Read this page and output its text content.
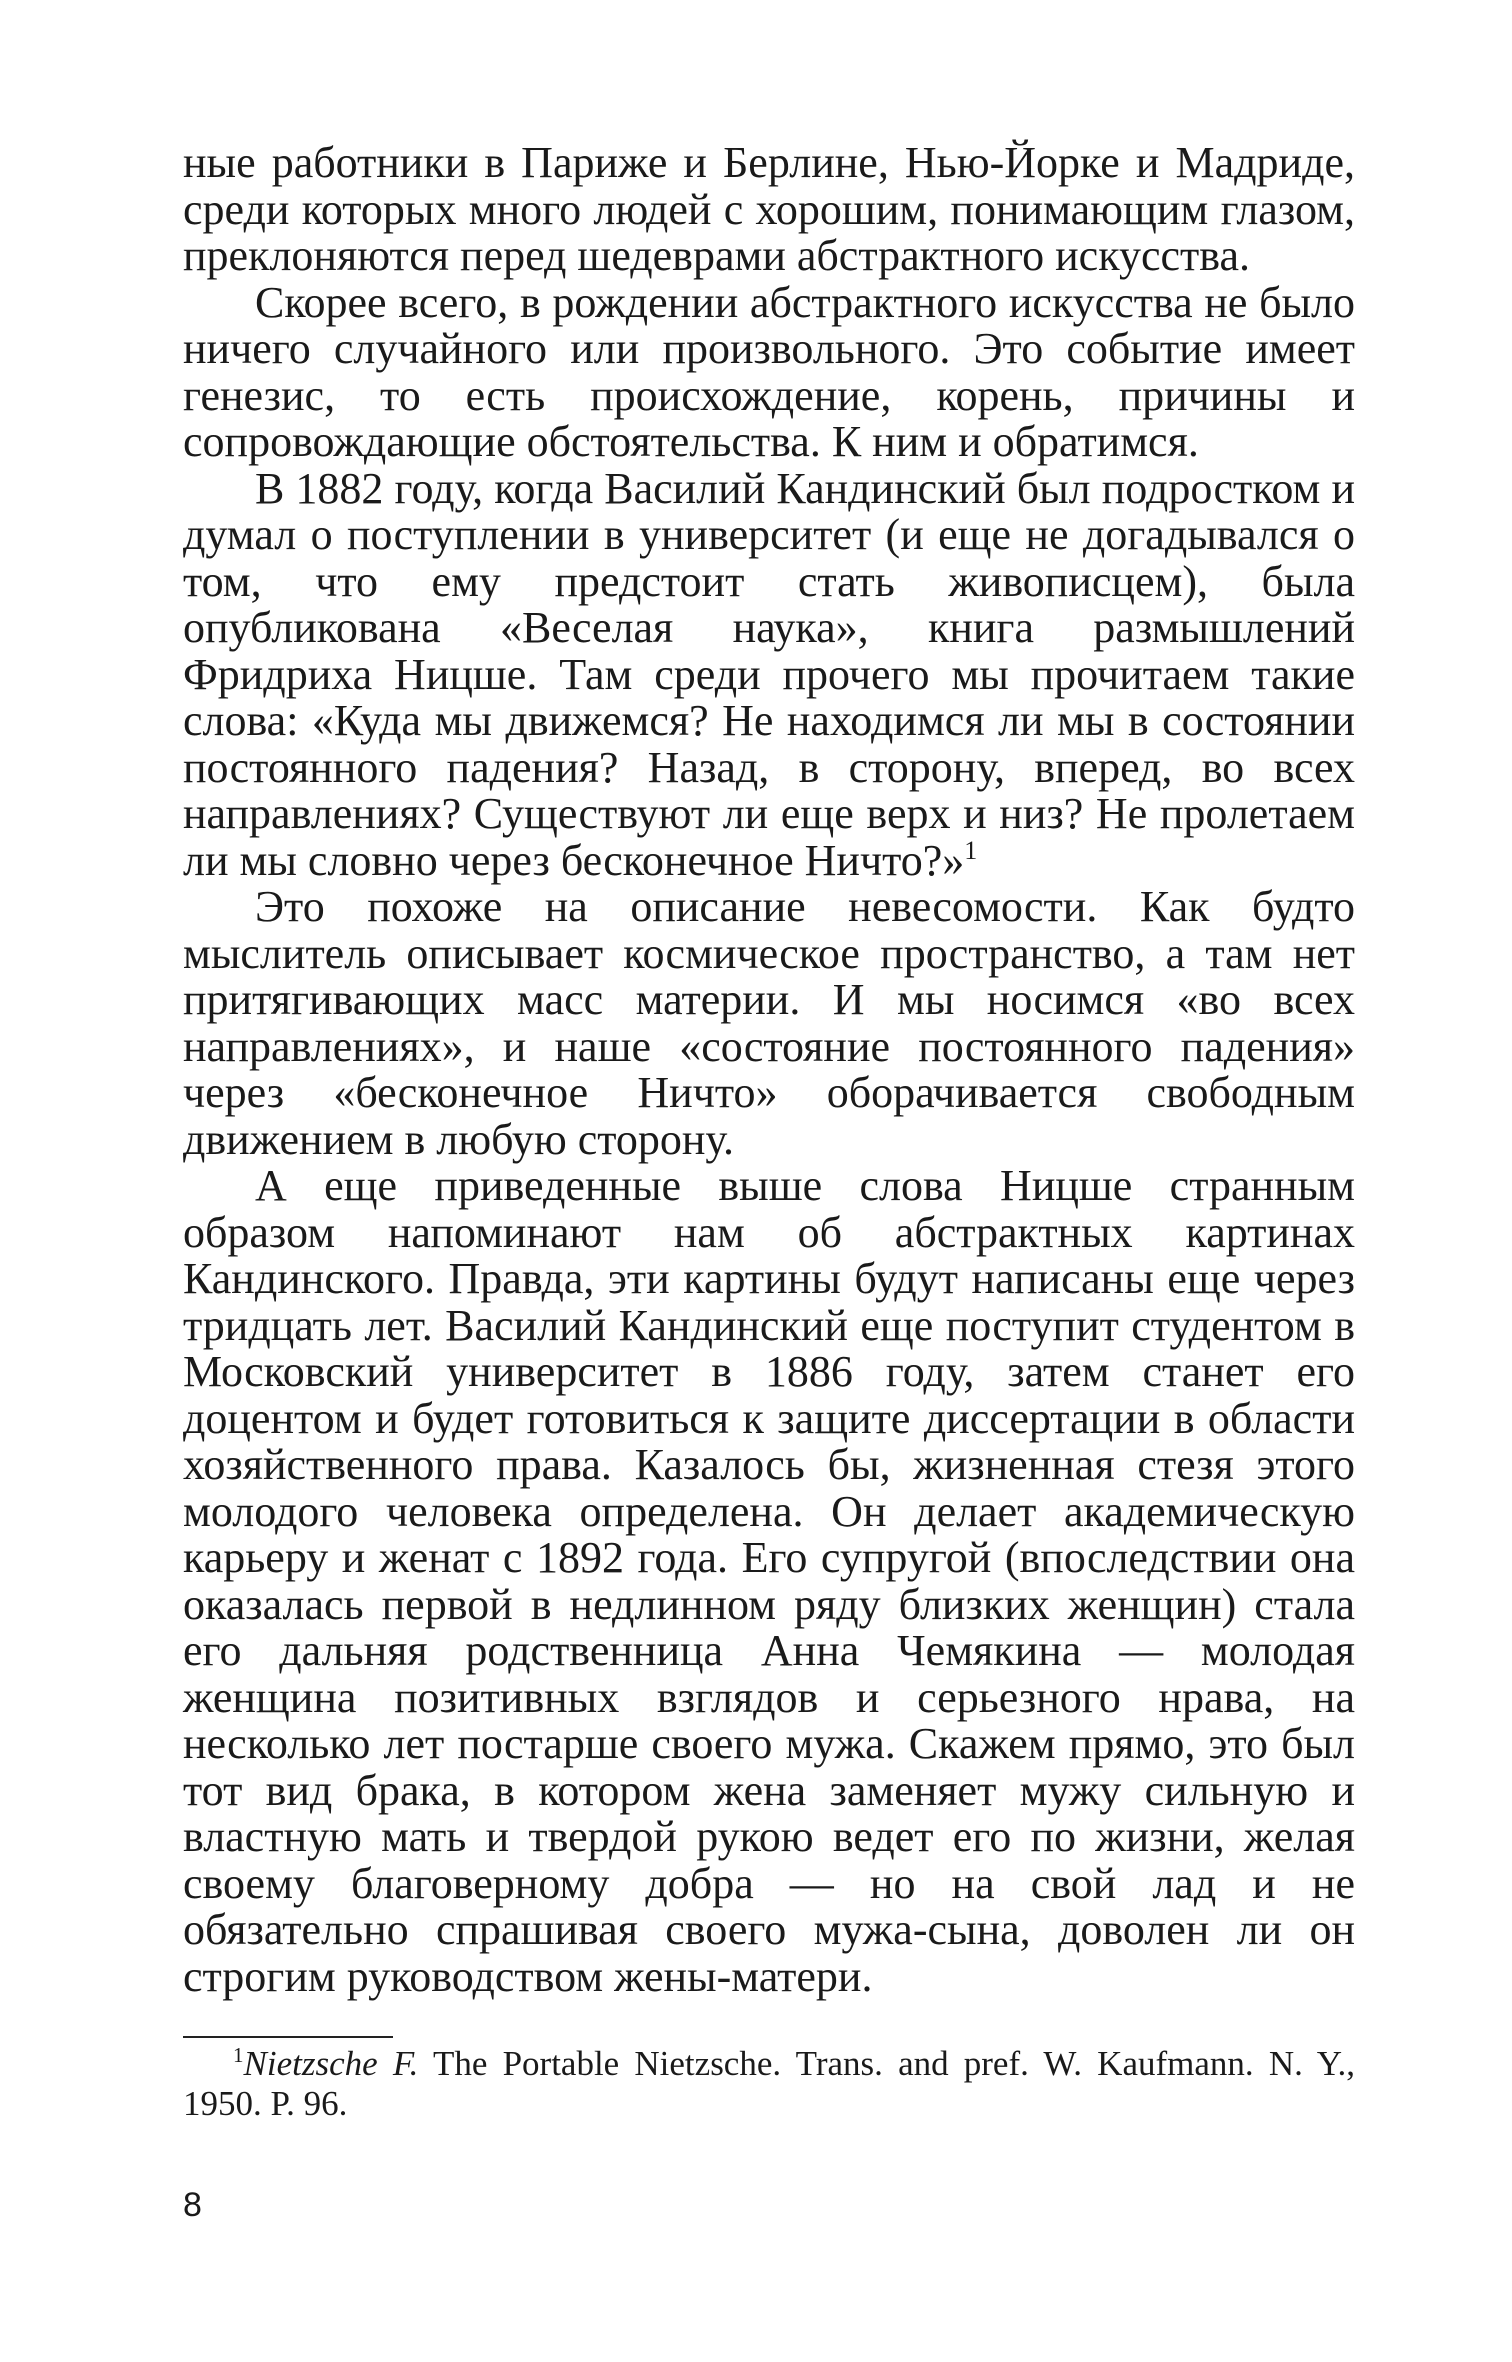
ные работники в Париже и Берлине, Нью-Йорке и Мадриде, среди которых много людей с хорошим, понимающим глазом, преклоняются перед шедеврами абстрактного искусства.

Скорее всего, в рождении абстрактного искусства не было ничего случайного или произвольного. Это событие имеет генезис, то есть происхождение, корень, причины и сопровождающие обстоятельства. К ним и обратимся.

В 1882 году, когда Василий Кандинский был подростком и думал о поступлении в университет (и еще не догадывался о том, что ему предстоит стать живописцем), была опубликована «Веселая наука», книга размышлений Фридриха Ницше. Там среди прочего мы прочитаем такие слова: «Куда мы движемся? Не находимся ли мы в состоянии постоянного падения? Назад, в сторону, вперед, во всех направлениях? Существуют ли еще верх и низ? Не пролетаем ли мы словно через бесконечное Ничто?»$^1$

Это похоже на описание невесомости. Как будто мыслитель описывает космическое пространство, а там нет притягивающих масс материи. И мы носимся «во всех направлениях», и наше «состояние постоянного падения» через «бесконечное Ничто» оборачивается свободным движением в любую сторону.

А еще приведенные выше слова Ницше странным образом напоминают нам об абстрактных картинах Кандинского. Правда, эти картины будут написаны еще через тридцать лет. Василий Кандинский еще поступит студентом в Московский университет в 1886 году, затем станет его доцентом и будет готовиться к защите диссертации в области хозяйственного права. Казалось бы, жизненная стезя этого молодого человека определена. Он делает академическую карьеру и женат с 1892 года. Его супругой (впоследствии она оказалась первой в недлинном ряду близких женщин) стала его дальняя родственница Анна Чемякина — молодая женщина позитивных взглядов и серьезного нрава, на несколько лет постарше своего мужа. Скажем прямо, это был тот вид брака, в котором жена заменяет мужу сильную и властную мать и твердой рукою ведет его по жизни, желая своему благоверному добра — но на свой лад и не обязательно спрашивая своего мужа-сына, доволен ли он строгим руководством жены-матери.

$^1$Nietzsche F. The Portable Nietzsche. Trans. and pref. W. Kaufmann. N. Y., 1950. P. 96.

8
